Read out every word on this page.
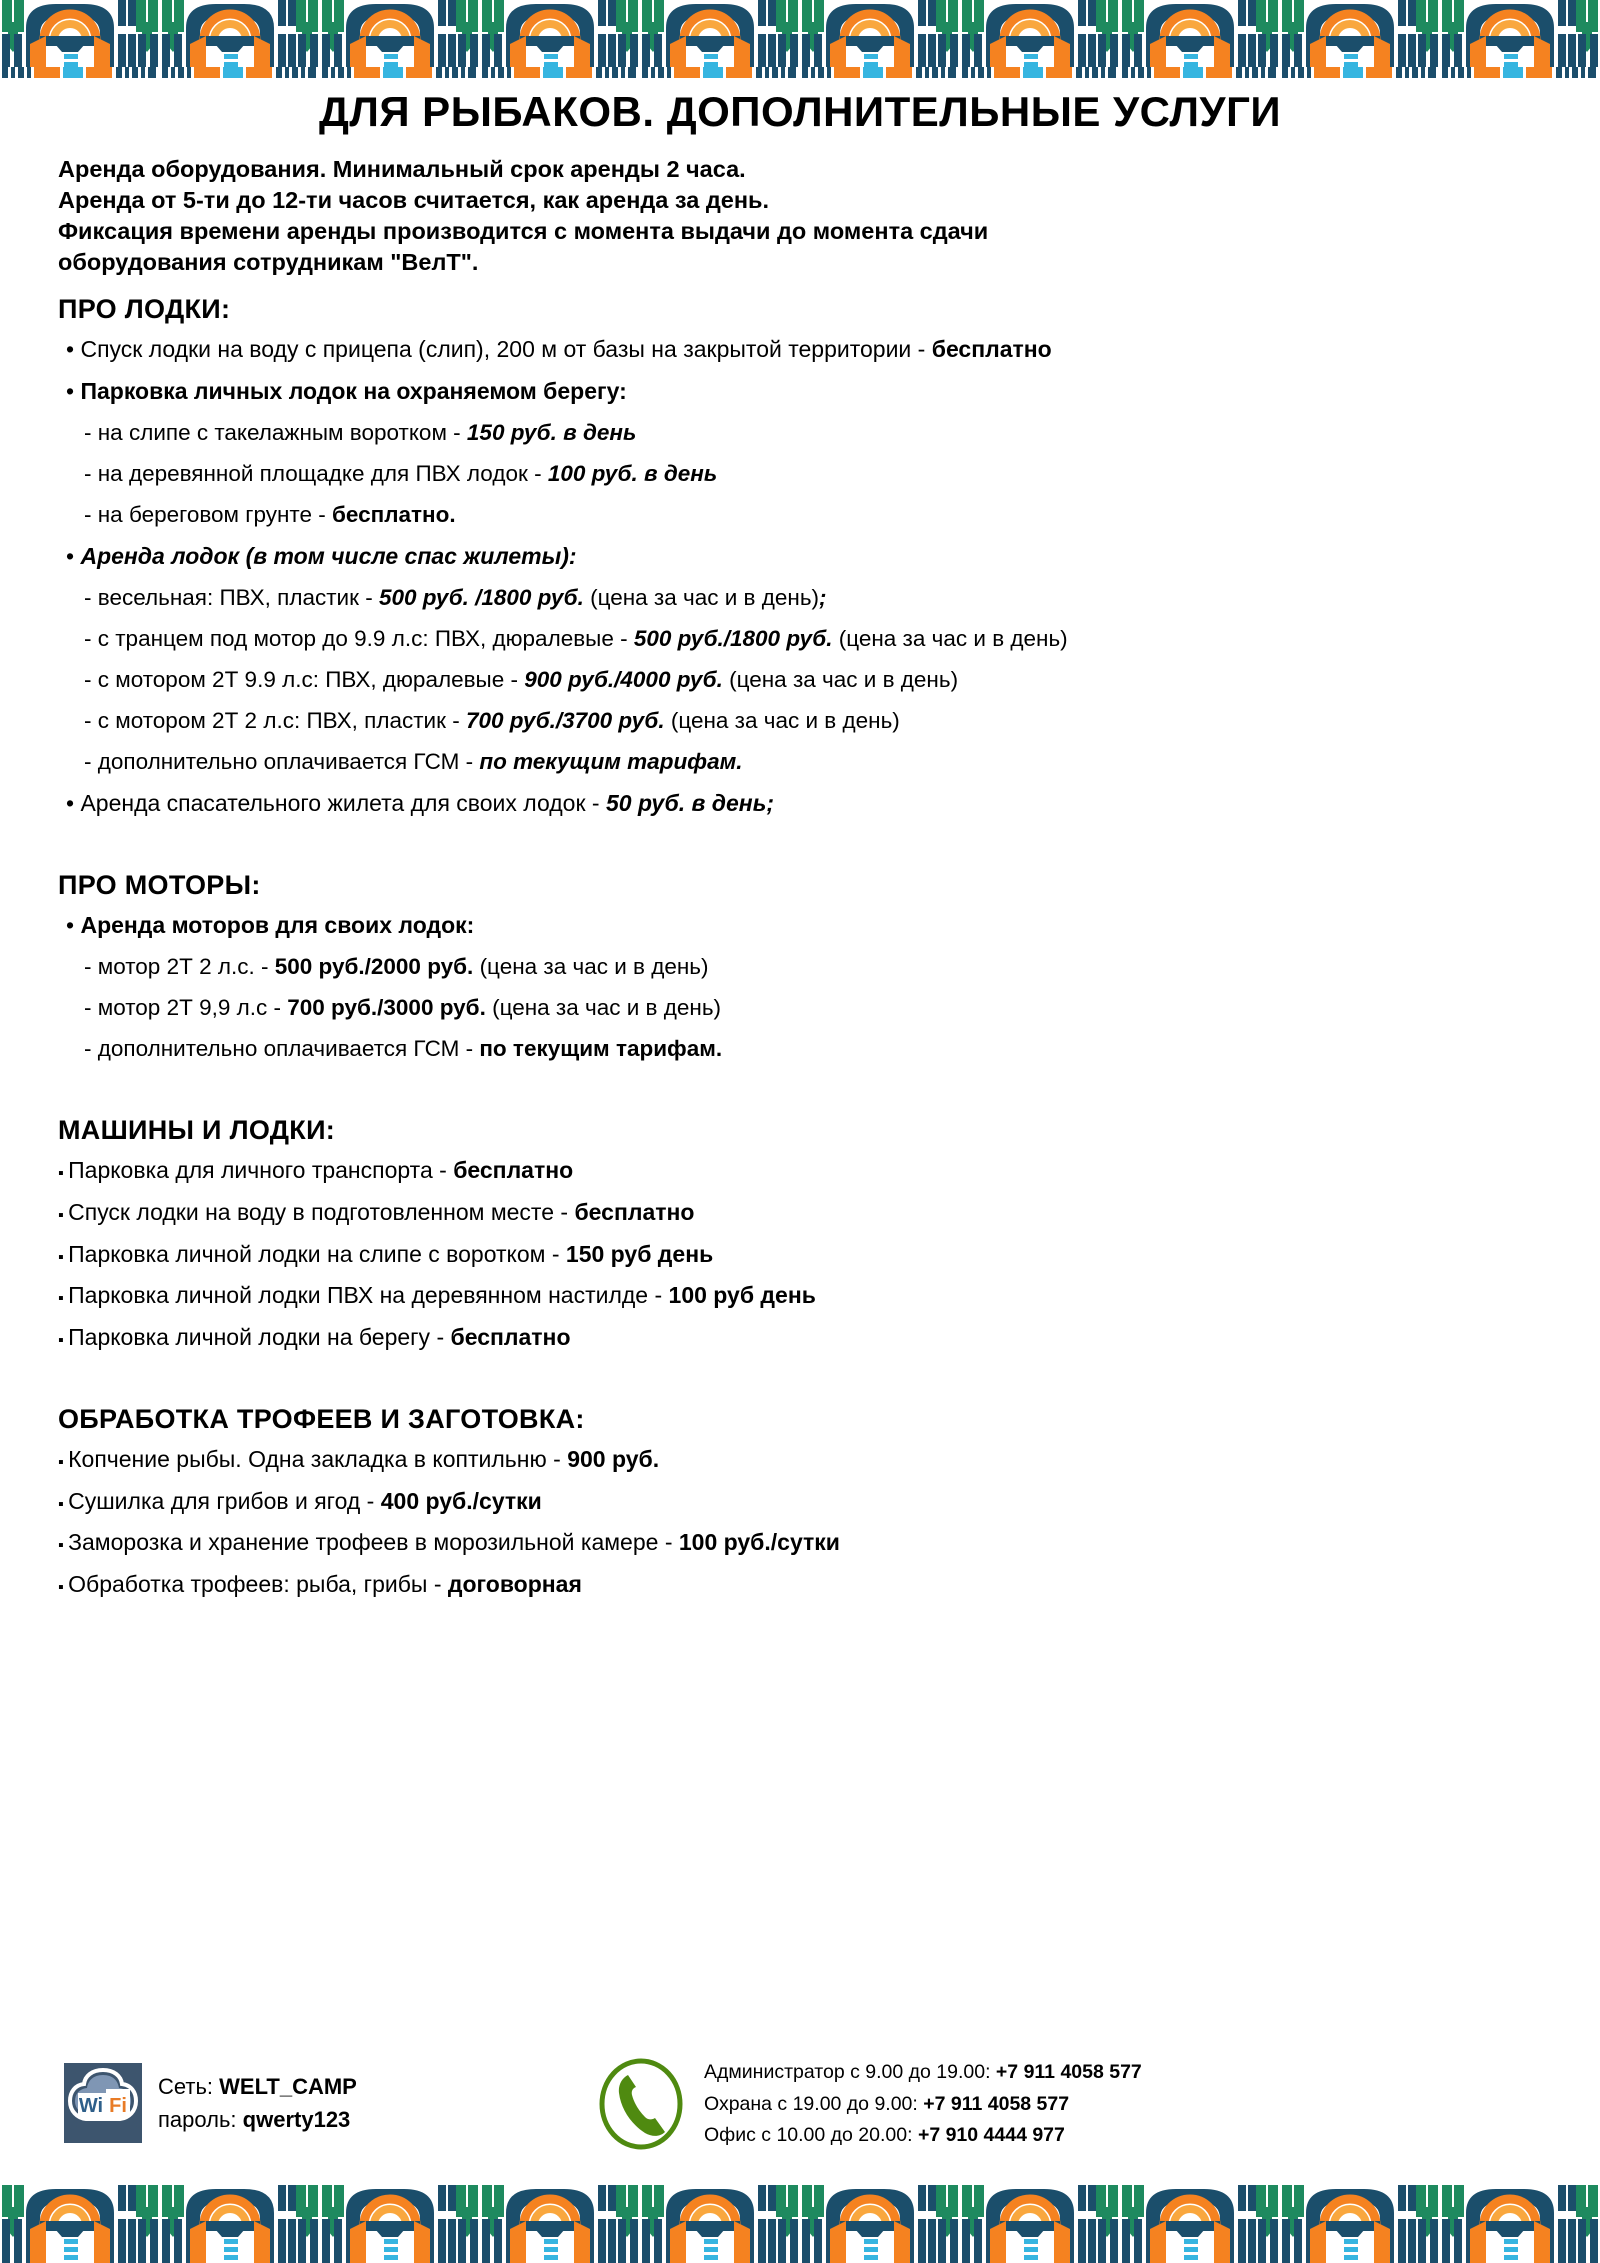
ДЛЯ РЫБАКОВ. ДОПОЛНИТЕЛЬНЫЕ УСЛУГИ
Аренда оборудования. Минимальный срок аренды 2 часа.
Аренда от 5-ти до 12-ти часов считается, как аренда за день.
Фиксация времени аренды производится с момента выдачи до момента сдачи
оборудования сотрудникам "ВелТ".
ПРО ЛОДКИ:
• Спуск лодки на воду с прицепа (слип), 200 м от базы на закрытой территории - бесплатно
• Парковка личных лодок на охраняемом берегу:
- на слипе с такелажным воротком - 150 руб. в день
- на деревянной площадке для ПВХ лодок - 100 руб. в день
- на береговом грунте - бесплатно.
• Аренда лодок (в том числе спас жилеты):
- весельная: ПВХ, пластик - 500 руб. /1800 руб. (цена за час и в день);
- с транцем под мотор до 9.9 л.с: ПВХ, дюралевые - 500 руб./1800 руб. (цена за час и в день)
- с мотором 2Т 9.9 л.с: ПВХ, дюралевые - 900 руб./4000 руб. (цена за час и в день)
- с мотором 2Т 2 л.с: ПВХ, пластик - 700 руб./3700 руб. (цена за час и в день)
- дополнительно оплачивается ГСМ - по текущим тарифам.
• Аренда спасательного жилета для своих лодок - 50 руб. в день;
ПРО МОТОРЫ:
• Аренда моторов для своих лодок:
- мотор 2Т 2 л.с. - 500 руб./2000 руб. (цена за час и в день)
- мотор 2Т 9,9 л.с - 700 руб./3000 руб. (цена за час и в день)
- дополнительно оплачивается ГСМ - по текущим тарифам.
МАШИНЫ И ЛОДКИ:
▪ Парковка для личного транспорта - бесплатно
▪ Спуск лодки на воду в подготовленном месте - бесплатно
▪ Парковка личной лодки на слипе с воротком - 150 руб день
▪ Парковка личной лодки ПВХ на деревянном настилде - 100 руб день
▪ Парковка личной лодки на берегу - бесплатно
ОБРАБОТКА ТРОФЕЕВ И ЗАГОТОВКА:
▪ Копчение рыбы. Одна закладка в коптильню - 900 руб.
▪ Сушилка для грибов и ягод - 400 руб./сутки
▪ Заморозка и хранение трофеев в морозильной камере - 100 руб./сутки
▪ Обработка трофеев: рыба, грибы - договорная
Wi Fi
Сеть: WELT_CAMP
пароль: qwerty123
Администратор с 9.00 до 19.00: +7 911 4058 577
Охрана с 19.00 до 9.00: +7 911 4058 577
Офис с 10.00 до 20.00: +7 910 4444 977
